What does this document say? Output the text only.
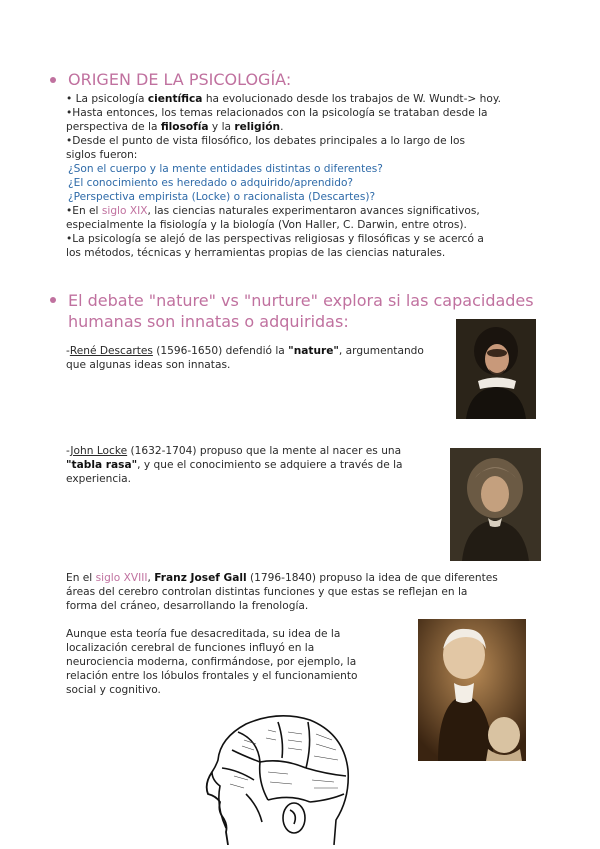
ORIGEN DE LA PSICOLOGÍA:
• La psicología científica ha evolucionado desde los trabajos de W. Wundt-> hoy.
•Hasta entonces, los temas relacionados con la psicología se trataban desde la
perspectiva de la filosofía y la religión.
•Desde el punto de vista filosófico, los debates principales a lo largo de los
siglos fueron:
¿Son el cuerpo y la mente entidades distintas o diferentes?
¿El conocimiento es heredado o adquirido/aprendido?
¿Perspectiva empirista (Locke) o racionalista (Descartes)?
•En el siglo XIX, las ciencias naturales experimentaron avances significativos,
especialmente la fisiología y la biología (Von Haller, C. Darwin, entre otros).
•La psicología se alejó de las perspectivas religiosas y filosóficas y se acercó a
los métodos, técnicas y herramientas propias de las ciencias naturales.
El debate "nature" vs "nurture" explora si las capacidades
humanas son innatas o adquiridas:
-René Descartes (1596-1650) defendió la "nature", argumentando
que algunas ideas son innatas.
-John Locke (1632-1704) propuso que la mente al nacer es una
"tabla rasa", y que el conocimiento se adquiere a través de la
experiencia.
En el siglo XVIII, Franz Josef Gall (1796-1840) propuso la idea de que diferentes
áreas del cerebro controlan distintas funciones y que estas se reflejan en la
forma del cráneo, desarrollando la frenología.
Aunque esta teoría fue desacreditada, su idea de la
localización cerebral de funciones influyó en la
neurociencia moderna, confirmándose, por ejemplo, la
relación entre los lóbulos frontales y el funcionamiento
social y cognitivo.
